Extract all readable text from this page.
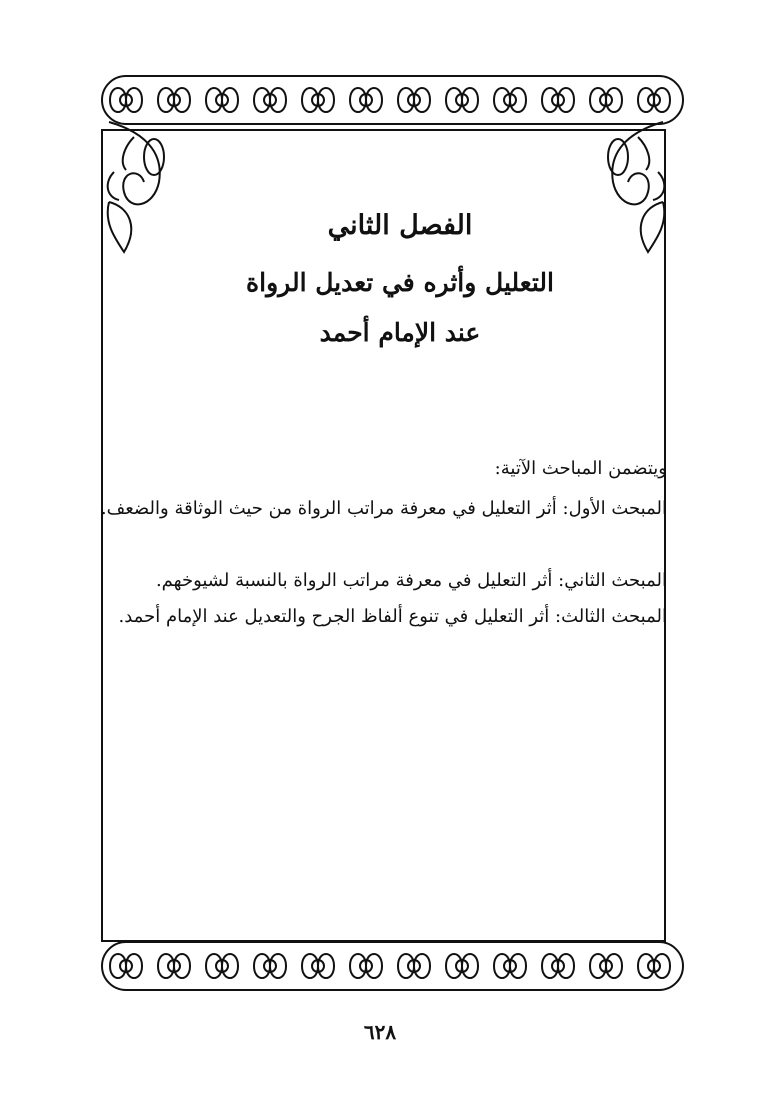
الفصل الثاني
التعليل وأثره في تعديل الرواة
عند الإمام أحمد
ويتضمن المباحث الآتية:
المبحث الأول: أثر التعليل في معرفة مراتب الرواة من حيث الوثاقة والضعف.
المبحث الثاني: أثر التعليل في معرفة مراتب الرواة بالنسبة لشيوخهم.
المبحث الثالث: أثر التعليل في تنوع ألفاظ الجرح والتعديل عند الإمام أحمد.
٦٢٨
